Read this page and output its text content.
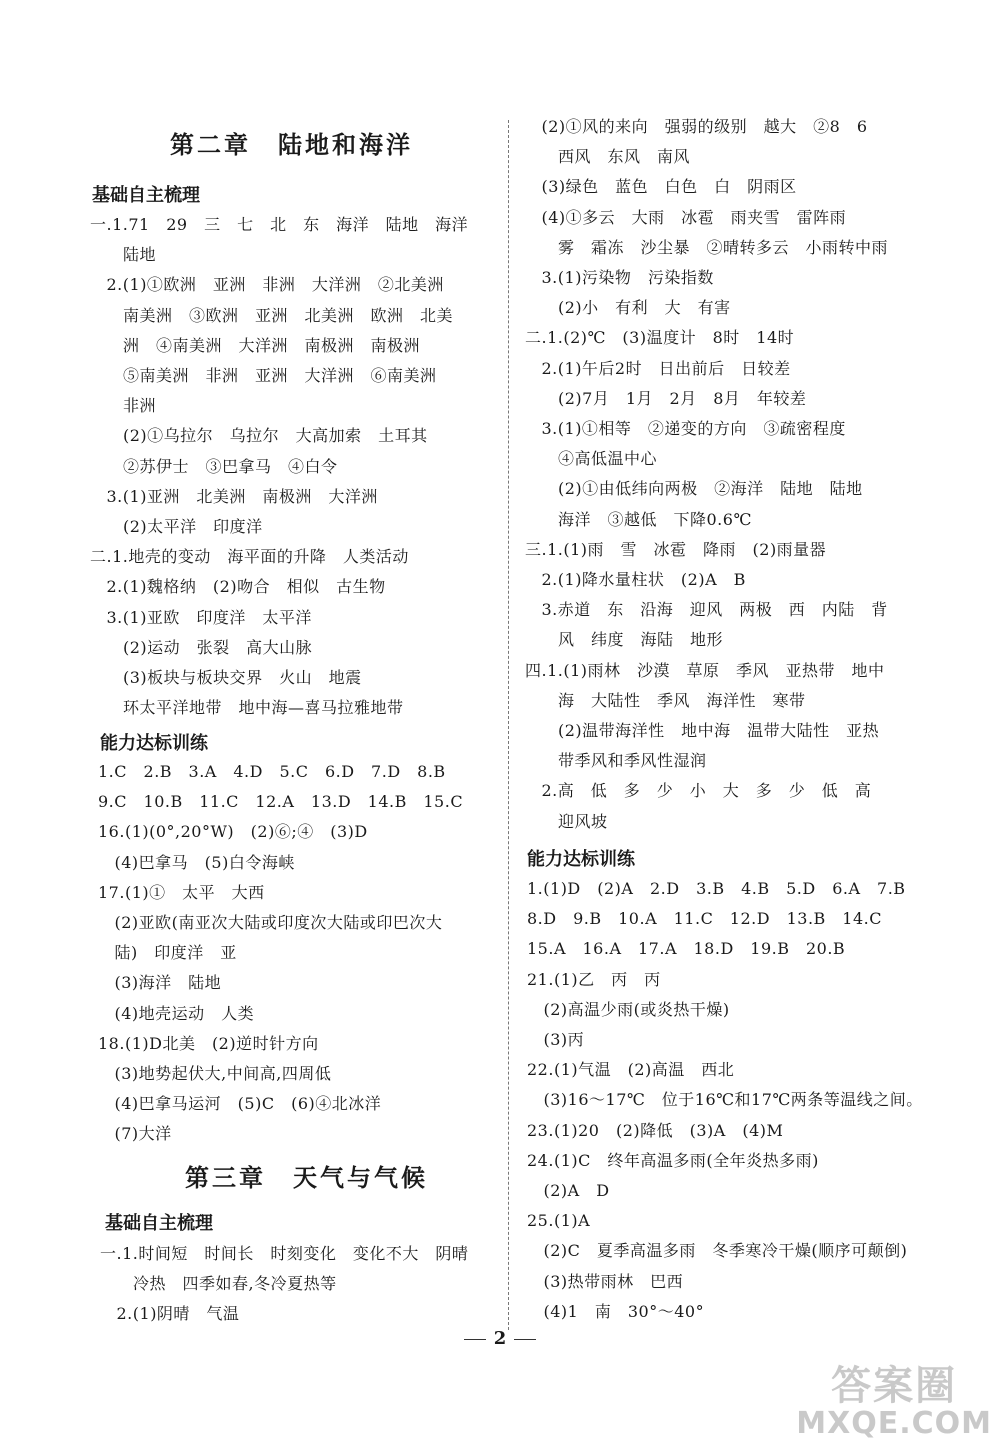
第二章　陆地和海洋
基础自主梳理
一.1.71　29　三　七　北　东　海洋　陆地　海洋
　　陆地
　2.(1)①欧洲　亚洲　非洲　大洋洲　②北美洲
　　南美洲　③欧洲　亚洲　北美洲　欧洲　北美
　　洲　④南美洲　大洋洲　南极洲　南极洲
　　⑤南美洲　非洲　亚洲　大洋洲　⑥南美洲
　　非洲
　　(2)①乌拉尔　乌拉尔　大高加索　土耳其
　　②苏伊士　③巴拿马　④白令
　3.(1)亚洲　北美洲　南极洲　大洋洲
　　(2)太平洋　印度洋
二.1.地壳的变动　海平面的升降　人类活动
　2.(1)魏格纳　(2)吻合　相似　古生物
　3.(1)亚欧　印度洋　太平洋
　　(2)运动　张裂　高大山脉
　　(3)板块与板块交界　火山　地震
　　环太平洋地带　地中海—喜马拉雅地带
能力达标训练
1.C　2.B　3.A　4.D　5.C　6.D　7.D　8.B
9.C　10.B　11.C　12.A　13.D　14.B　15.C
16.(1)(0°,20°W)　(2)⑥;④　(3)D
　(4)巴拿马　(5)白令海峡
17.(1)①　太平　大西
　(2)亚欧(南亚次大陆或印度次大陆或印巴次大
　陆)　印度洋　亚
　(3)海洋　陆地
　(4)地壳运动　人类
18.(1)D北美　(2)逆时针方向
　(3)地势起伏大,中间高,四周低
　(4)巴拿马运河　(5)C　(6)④北冰洋
　(7)大洋
第三章　天气与气候
基础自主梳理
一.1.时间短　时间长　时刻变化　变化不大　阴晴
　　冷热　四季如春,冬冷夏热等
　2.(1)阴晴　气温
　(2)①风的来向　强弱的级别　越大　②8　6
　　西风　东风　南风
　(3)绿色　蓝色　白色　白　阴雨区
　(4)①多云　大雨　冰雹　雨夹雪　雷阵雨
　　雾　霜冻　沙尘暴　②晴转多云　小雨转中雨
　3.(1)污染物　污染指数
　　(2)小　有利　大　有害
二.1.(2)℃　(3)温度计　8时　14时
　2.(1)午后2时　日出前后　日较差
　　(2)7月　1月　2月　8月　年较差
　3.(1)①相等　②递变的方向　③疏密程度
　　④高低温中心
　　(2)①由低纬向两极　②海洋　陆地　陆地
　　海洋　③越低　下降0.6℃
三.1.(1)雨　雪　冰雹　降雨　(2)雨量器
　2.(1)降水量柱状　(2)A　B
　3.赤道　东　沿海　迎风　两极　西　内陆　背
　　风　纬度　海陆　地形
四.1.(1)雨林　沙漠　草原　季风　亚热带　地中
　　海　大陆性　季风　海洋性　寒带
　　(2)温带海洋性　地中海　温带大陆性　亚热
　　带季风和季风性湿润
　2.高　低　多　少　小　大　多　少　低　高
　　迎风坡
能力达标训练
1.(1)D　(2)A　2.D　3.B　4.B　5.D　6.A　7.B
8.D　9.B　10.A　11.C　12.D　13.B　14.C
15.A　16.A　17.A　18.D　19.B　20.B
21.(1)乙　丙　丙
　(2)高温少雨(或炎热干燥)
　(3)丙
22.(1)气温　(2)高温　西北
　(3)16～17℃　位于16℃和17℃两条等温线之间。
23.(1)20　(2)降低　(3)A　(4)M
24.(1)C　终年高温多雨(全年炎热多雨)
　(2)A　D
25.(1)A
　(2)C　夏季高温多雨　冬季寒冷干燥(顺序可颠倒)
　(3)热带雨林　巴西
　(4)1　南　30°～40°
2
答案圈
MXQE.COM
